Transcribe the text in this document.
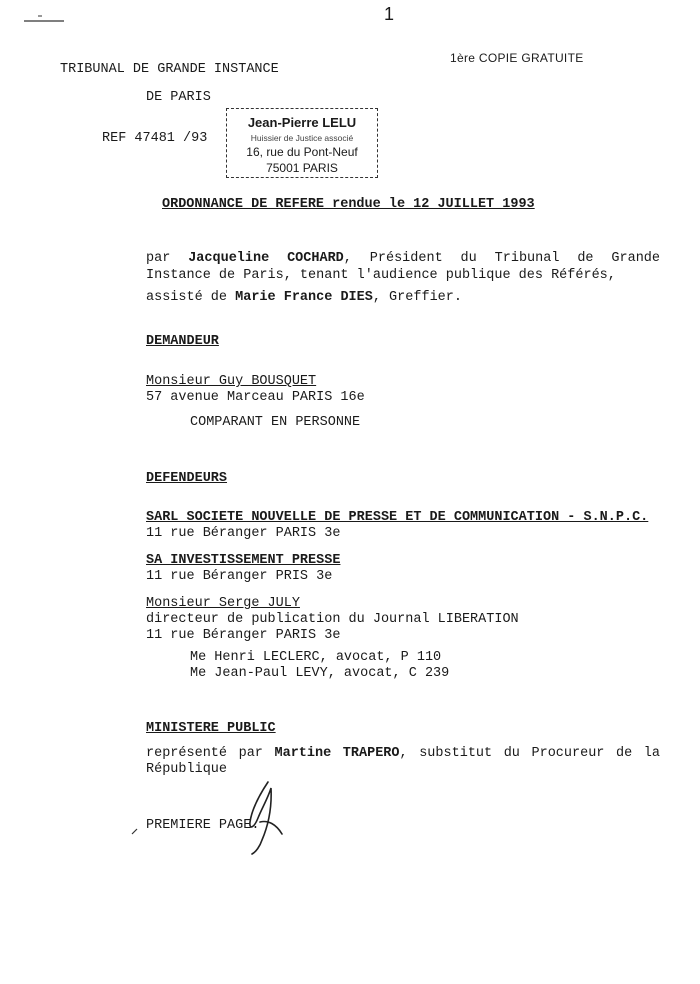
1
1ère COPIE GRATUITE
TRIBUNAL DE GRANDE INSTANCE
DE PARIS
REF 47481 /93
Jean-Pierre LELU
Huissier de Justice associé
16, rue du Pont-Neuf
75001 PARIS
ORDONNANCE DE REFERE rendue le 12 JUILLET 1993
par Jacqueline COCHARD, Président du Tribunal de Grande Instance de Paris, tenant l'audience publique des Référés,
assisté de Marie France DIES, Greffier.
DEMANDEUR
Monsieur Guy BOUSQUET
57 avenue Marceau PARIS 16e
COMPARANT EN PERSONNE
DEFENDEURS
SARL SOCIETE NOUVELLE DE PRESSE ET DE COMMUNICATION - S.N.P.C.
11 rue Béranger PARIS 3e
SA INVESTISSEMENT PRESSE
11 rue Béranger PRIS 3e
Monsieur Serge JULY
directeur de publication du Journal LIBERATION
11 rue Béranger PARIS 3e
Me Henri LECLERC, avocat, P 110
Me Jean-Paul LEVY, avocat, C 239
MINISTERE PUBLIC
représenté par Martine TRAPERO, substitut du Procureur de la République
PREMIERE PAGE.
